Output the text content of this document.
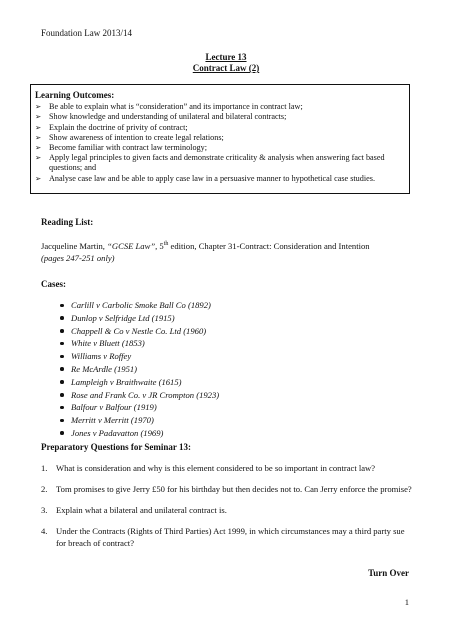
Foundation Law 2013/14
Lecture 13
Contract Law (2)
Learning Outcomes:
➢ Be able to explain what is “consideration” and its importance in contract law;
➢ Show knowledge and understanding of unilateral and bilateral contracts;
➢ Explain the doctrine of privity of contract;
➢ Show awareness of intention to create legal relations;
➢ Become familiar with contract law terminology;
➢ Apply legal principles to given facts and demonstrate criticality & analysis when answering fact based questions; and
➢ Analyse case law and be able to apply case law in a persuasive manner to hypothetical case studies.
Reading List:
Jacqueline Martin, “GCSE Law”, 5th edition, Chapter 31-Contract: Consideration and Intention
(pages 247-251 only)
Cases:
Carlill v Carbolic Smoke Ball Co (1892)
Dunlop v Selfridge Ltd (1915)
Chappell & Co v Nestle Co. Ltd (1960)
White v Bluett (1853)
Williams v Roffey
Re McArdle (1951)
Lampleigh v Braithwaite (1615)
Rose and Frank Co. v JR Crompton (1923)
Balfour v Balfour (1919)
Merritt v Merritt (1970)
Jones v Padavatton (1969)
Preparatory Questions for Seminar 13:
1. What is consideration and why is this element considered to be so important in contract law?
2. Tom promises to give Jerry £50 for his birthday but then decides not to. Can Jerry enforce the promise?
3. Explain what a bilateral and unilateral contract is.
4. Under the Contracts (Rights of Third Parties) Act 1999, in which circumstances may a third party sue for breach of contract?
Turn Over
1
